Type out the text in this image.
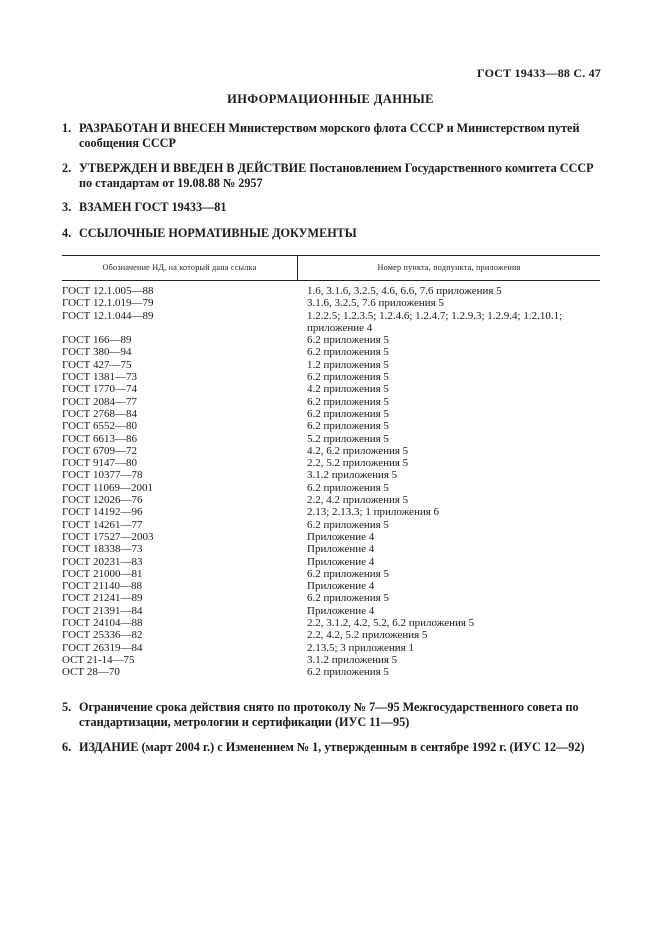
ГОСТ 19433—88 С. 47
ИНФОРМАЦИОННЫЕ ДАННЫЕ
1. РАЗРАБОТАН И ВНЕСЕН Министерством морского флота СССР и Министерством путей сообщения СССР
2. УТВЕРЖДЕН И ВВЕДЕН В ДЕЙСТВИЕ Постановлением Государственного комитета СССР по стандартам от 19.08.88 № 2957
3. ВЗАМЕН ГОСТ 19433—81
4. ССЫЛОЧНЫЕ НОРМАТИВНЫЕ ДОКУМЕНТЫ
Обозначение НД, на который дана ссылка	Номер пункта, подпункта, приложения
ГОСТ 12.1.005—88	1.6, 3.1.6, 3.2.5, 4.6, 6.6, 7.6 приложения 5
ГОСТ 12.1.019—79	3.1.6, 3.2.5, 7.6 приложения 5
ГОСТ 12.1.044—89	1.2.2.5; 1.2.3.5; 1.2.4.6; 1.2.4.7; 1.2.9.3; 1.2.9.4; 1.2.10.1; приложение 4
ГОСТ 166—89	6.2 приложения 5
ГОСТ 380—94	6.2 приложения 5
ГОСТ 427—75	1.2 приложения 5
ГОСТ 1381—73	6.2 приложения 5
ГОСТ 1770—74	4.2 приложения 5
ГОСТ 2084—77	6.2 приложения 5
ГОСТ 2768—84	6.2 приложения 5
ГОСТ 6552—80	6.2 приложения 5
ГОСТ 6613—86	5.2 приложения 5
ГОСТ 6709—72	4.2, 6.2 приложения 5
ГОСТ 9147—80	2.2, 5.2 приложения 5
ГОСТ 10377—78	3.1.2 приложения 5
ГОСТ 11069—2001	6.2 приложения 5
ГОСТ 12026—76	2.2, 4.2 приложения 5
ГОСТ 14192—96	2.13; 2.13.3; 1 приложения 6
ГОСТ 14261—77	6.2 приложения 5
ГОСТ 17527—2003	Приложение 4
ГОСТ 18338—73	Приложение 4
ГОСТ 20231—83	Приложение 4
ГОСТ 21000—81	6.2 приложения 5
ГОСТ 21140—88	Приложение 4
ГОСТ 21241—89	6.2 приложения 5
ГОСТ 21391—84	Приложение 4
ГОСТ 24104—88	2.2, 3.1.2, 4.2, 5.2, 6.2 приложения 5
ГОСТ 25336—82	2.2, 4.2, 5.2 приложения 5
ГОСТ 26319—84	2.13.5; 3 приложения 1
ОСТ 21-14—75	3.1.2 приложения 5
ОСТ 28—70	6.2 приложения 5
5. Ограничение срока действия снято по протоколу № 7—95 Межгосударственного совета по стандартизации, метрологии и сертификации (ИУС 11—95)
6. ИЗДАНИЕ (март 2004 г.) с Изменением № 1, утвержденным в сентябре 1992 г. (ИУС 12—92)
